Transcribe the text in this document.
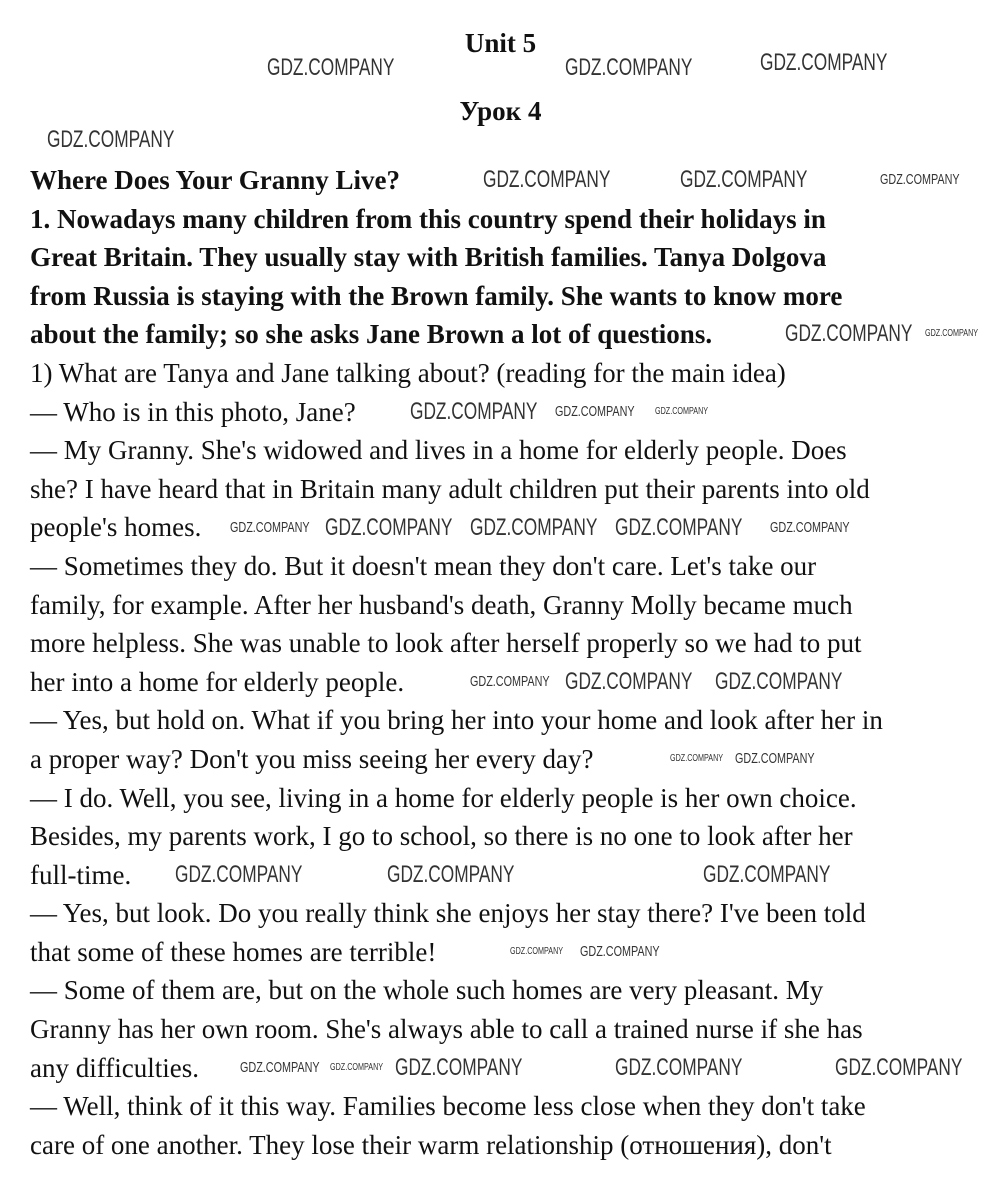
Unit 5
Урок 4
Where Does Your Granny Live?
1. Nowadays many children from this country spend their holidays in
Great Britain. They usually stay with British families. Tanya Dolgova
from Russia is staying with the Brown family. She wants to know more
about the family; so she asks Jane Brown a lot of questions.
1) What are Tanya and Jane talking about? (reading for the main idea)
— Who is in this photo, Jane?
— My Granny. She's widowed and lives in a home for elderly people. Does
she? I have heard that in Britain many adult children put their parents into old
people's homes.
— Sometimes they do. But it doesn't mean they don't care. Let's take our
family, for example. After her husband's death, Granny Molly became much
more helpless. She was unable to look after herself properly so we had to put
her into a home for elderly people.
— Yes, but hold on. What if you bring her into your home and look after her in
a proper way? Don't you miss seeing her every day?
— I do. Well, you see, living in a home for elderly people is her own choice.
Besides, my parents work, I go to school, so there is no one to look after her
full-time.
— Yes, but look. Do you really think she enjoys her stay there? I've been told
that some of these homes are terrible!
— Some of them are, but on the whole such homes are very pleasant. My
Granny has her own room. She's always able to call a trained nurse if she has
any difficulties.
— Well, think of it this way. Families become less close when they don't take
care of one another. They lose their warm relationship (отношения), don't
GDZ.COMPANY	GDZ.COMPANY	GDZ.COMPANY
GDZ.COMPANY
GDZ.COMPANY	GDZ.COMPANY	GDZ.COMPANY
GDZ.COMPANY GDZ.COMPANY
GDZ.COMPANY GDZ.COMPANY GDZ.COMPANY
GDZ.COMPANY GDZ.COMPANY GDZ.COMPANY GDZ.COMPANY GDZ.COMPANY
GDZ.COMPANY GDZ.COMPANY GDZ.COMPANY
GDZ.COMPANY GDZ.COMPANY
GDZ.COMPANY	GDZ.COMPANY	GDZ.COMPANY
GDZ.COMPANY GDZ.COMPANY
GDZ.COMPANY GDZ.COMPANY GDZ.COMPANY	GDZ.COMPANY	GDZ.COMPANY
